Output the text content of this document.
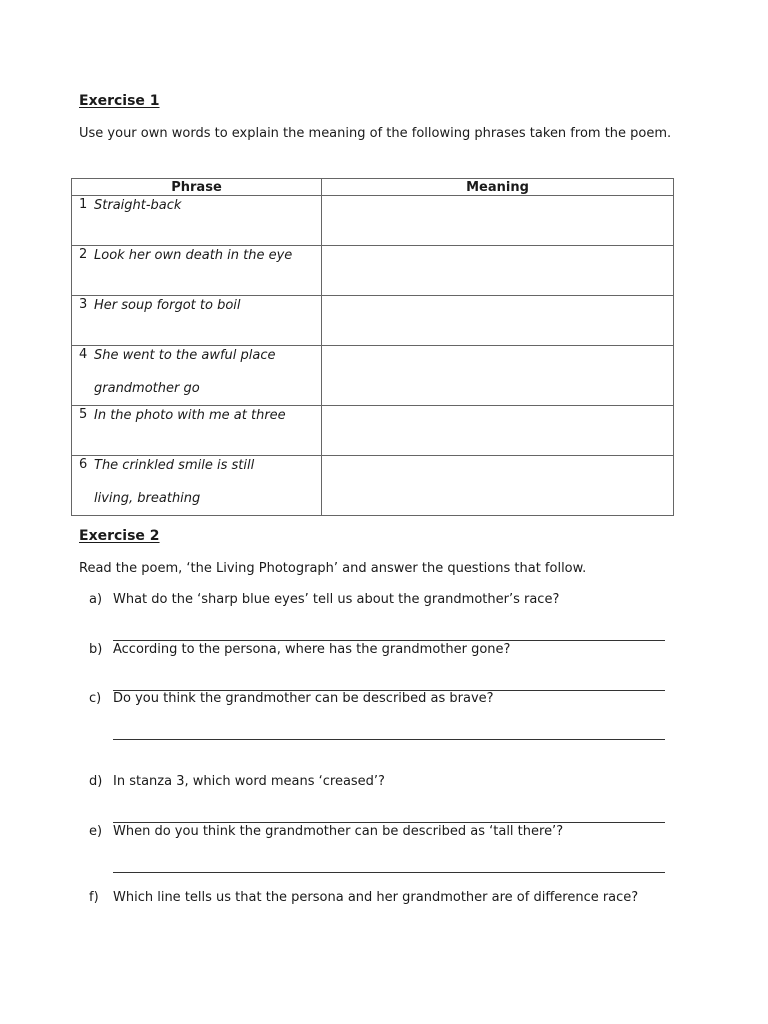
Exercise 1
Use your own words to explain the meaning of the following phrases taken from the poem.
Phrase	Meaning

1 Straight-back	

2 Look her own death in the eye	

3 Her soup forgot to boil	

4 She went to the awful place grandmother go	

5 In the photo with me at three	

6 The crinkled smile is still living, breathing	

Exercise 2
Read the poem, ‘the Living Photograph’ and answer the questions that follow.
a) What do the ‘sharp blue eyes’ tell us about the grandmother’s race?
b) According to the persona, where has the grandmother gone?
c) Do you think the grandmother can be described as brave?
d) In stanza 3, which word means ‘creased’?
e) When do you think the grandmother can be described as ‘tall there’?
f)	Which line tells us that the persona and her grandmother are of difference race?
